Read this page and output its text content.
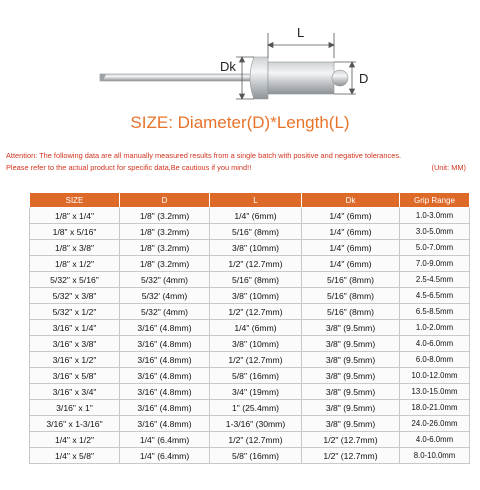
L
Dk
D
SIZE: Diameter(D)*Length(L)
Attention: The following data are all manually measured results from a single batch with positive and negative tolerances.
Please refer to the actual product for specific data,Be cautious if you mind!!	(Unit: MM)
SIZE	D	L	Dk	Grip Range
1/8" x 1/4"	1/8" (3.2mm)	1/4" (6mm)	1/4" (6mm)	1.0-3.0mm
1/8" x 5/16"	1/8" (3.2mm)	5/16" (8mm)	1/4" (6mm)	3.0-5.0mm
1/8" x 3/8"	1/8" (3.2mm)	3/8" (10mm)	1/4" (6mm)	5.0-7.0mm
1/8" x 1/2"	1/8" (3.2mm)	1/2" (12.7mm)	1/4" (6mm)	7.0-9.0mm
5/32" x 5/16"	5/32" (4mm)	5/16" (8mm)	5/16" (8mm)	2.5-4.5mm
5/32" x 3/8"	5/32' (4mm)	3/8" (10mm)	5/16" (8mm)	4.5-6.5mm
5/32" x 1/2"	5/32" (4mm)	1/2" (12.7mm)	5/16" (8mm)	6.5-8.5mm
3/16" x 1/4"	3/16" (4.8mm)	1/4" (6mm)	3/8" (9.5mm)	1.0-2.0mm
3/16" x 3/8"	3/16" (4.8mm)	3/8" (10mm)	3/8" (9.5mm)	4.0-6.0mm
3/16" x 1/2"	3/16" (4.8mm)	1/2" (12.7mm)	3/8" (9.5mm)	6.0-8.0mm
3/16" x 5/8"	3/16" (4.8mm)	5/8" (16mm)	3/8" (9.5mm)	10.0-12.0mm
3/16" x 3/4"	3/16" (4.8mm)	3/4" (19mm)	3/8" (9.5mm)	13.0-15.0mm
3/16" x 1"	3/16" (4.8mm)	1" (25.4mm)	3/8" (9.5mm)	18.0-21.0mm
3/16" x 1-3/16"	3/16" (4.8mm)	1-3/16" (30mm)	3/8" (9.5mm)	24.0-26.0mm
1/4" x 1/2"	1/4" (6.4mm)	1/2" (12.7mm)	1/2" (12.7mm)	4.0-6.0mm
1/4" x 5/8"	1/4" (6.4mm)	5/8" (16mm)	1/2" (12.7mm)	8.0-10.0mm
